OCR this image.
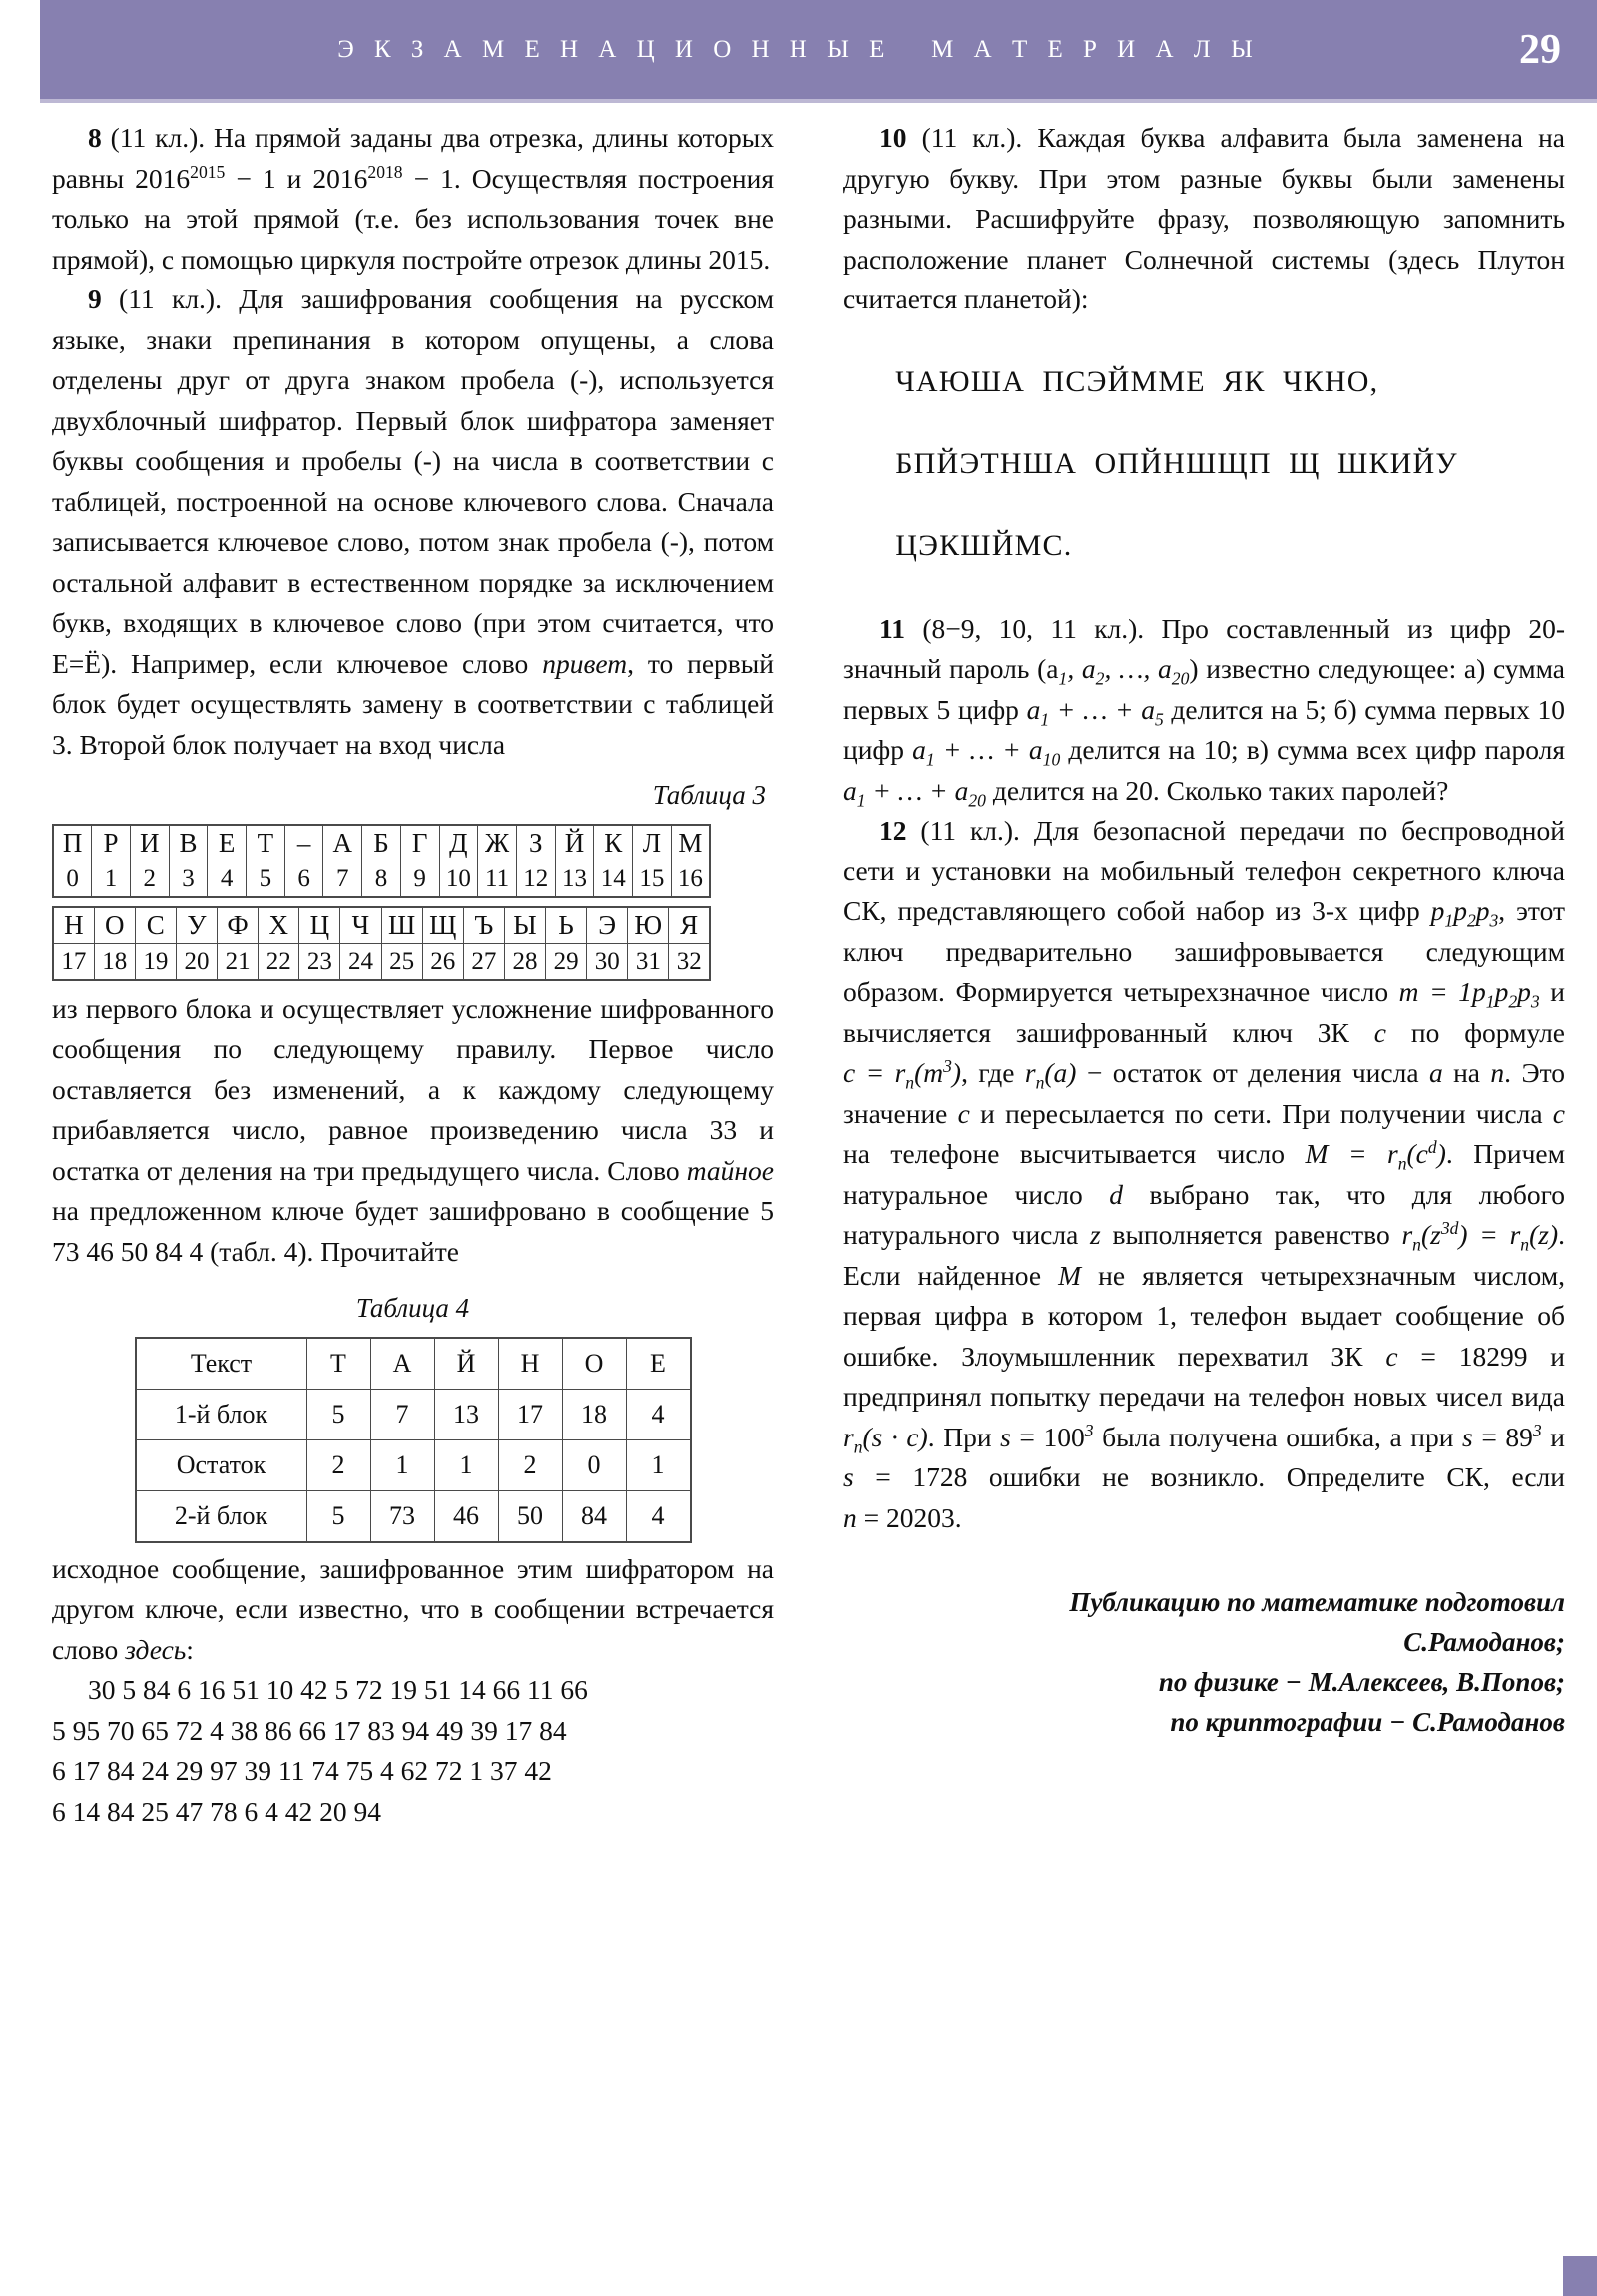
Э К З А М Е Н А Ц И О Н Н Ы Е   М А Т Е Р И А Л Ы	29

8 (11 кл.). На прямой заданы два отрезка, длины которых равны $2016^{2015} - 1$ и $2016^{2018} - 1$. Осуществляя построения только на этой прямой (т.е. без использования точек вне прямой), с помощью циркуля постройте отрезок длины 2015.

9 (11 кл.). Для зашифрования сообщения на русском языке, знаки препинания в котором опущены, а слова отделены друг от друга знаком пробела (-), используется двухблочный шифратор. Первый блок шифратора заменяет буквы сообщения и пробелы (-) на числа в соответствии с таблицей, построенной на основе ключевого слова. Сначала записывается ключевое слово, потом знак пробела (-), потом остальной алфавит в естественном порядке за исключением букв, входящих в ключевое слово (при этом считается, что Е=Ё). Например, если ключевое слово привет, то первый блок будет осуществлять замену в соответствии с таблицей 3. Второй блок получает на вход числа

Таблица 3
П	Р	И	В	Е	Т	–	А	Б	Г	Д	Ж	З	Й	К	Л	М
0	1	2	3	4	5	6	7	8	9	10	11	12	13	14	15	16
Н	О	С	У	Ф	Х	Ц	Ч	Ш	Щ	Ъ	Ы	Ь	Э	Ю	Я
17	18	19	20	21	22	23	24	25	26	27	28	29	30	31	32

из первого блока и осуществляет усложнение шифрованного сообщения по следующему правилу. Первое число оставляется без изменений, а к каждому следующему прибавляется число, равное произведению числа 33 и остатка от деления на три предыдущего числа. Слово тайное на предложенном ключе будет зашифровано в сообщение 5 73 46 50 84 4 (табл. 4). Прочитайте

Таблица 4
Текст	Т	А	Й	Н	О	Е
1-й блок	5	7	13	17	18	4
Остаток	2	1	1	2	0	1
2-й блок	5	73	46	50	84	4

исходное сообщение, зашифрованное этим шифратором на другом ключе, если известно, что в сообщении встречается слово здесь:

30 5 84 6 16 51 10 42 5 72 19 51 14 66 11 66
5 95 70 65 72 4 38 86 66 17 83 94 49 39 17 84
6 17 84 24 29 97 39 11 74 75 4 62 72 1 37 42
6 14 84 25 47 78 6 4 42 20 94

10 (11 кл.). Каждая буква алфавита была заменена на другую букву. При этом разные буквы были заменены разными. Расшифруйте фразу, позволяющую запомнить расположение планет Солнечной системы (здесь Плутон считается планетой):

ЧАЮША  ПСЭЙММЕ  ЯК  ЧКНО,

БПЙЭТНША  ОПЙНШЩП  Щ  ШКИЙУ

ЦЭКШЙМС.

11 (8−9, 10, 11 кл.). Про составленный из цифр 20-значный пароль ($a_1$, $a_2$, …, $a_{20}$) известно следующее: а) сумма первых 5 цифр $a_1$ + … + $a_5$ делится на 5; б) сумма первых 10 цифр $a_1$ + … + $a_{10}$ делится на 10; в) сумма всех цифр пароля $a_1$ + … + $a_{20}$ делится на 20. Сколько таких паролей?

12 (11 кл.). Для безопасной передачи по беспроводной сети и установки на мобильный телефон секретного ключа СК, представляющего собой набор из 3-х цифр $p_1p_2p_3$, этот ключ предварительно зашифровывается следующим образом. Формируется четырехзначное число $m = 1p_1p_2p_3$ и вычисляется зашифрованный ключ ЗК c по формуле $c = r_n(m^3)$, где $r_n(a)$ − остаток от деления числа a на n. Это значение c и пересылается по сети. При получении числа c на телефоне высчитывается число $M = r_n(c^d)$. Причем натуральное число d выбрано так, что для любого натурального числа z выполняется равенство $r_n(z^{3d}) = r_n(z)$. Если найденное M не является четырехзначным числом, первая цифра в котором 1, телефон выдает сообщение об ошибке. Злоумышленник перехватил ЗК c = 18299 и предпринял попытку передачи на телефон новых чисел вида $r_n(s \cdot c)$. При $s = 100^3$ была получена ошибка, а при $s = 89^3$ и s = 1728 ошибки не возникло. Определите СК, если n = 20203.

Публикацию по математике подготовил
С.Рамоданов;
по физике − М.Алексеев, В.Попов;
по криптографии − С.Рамоданов
